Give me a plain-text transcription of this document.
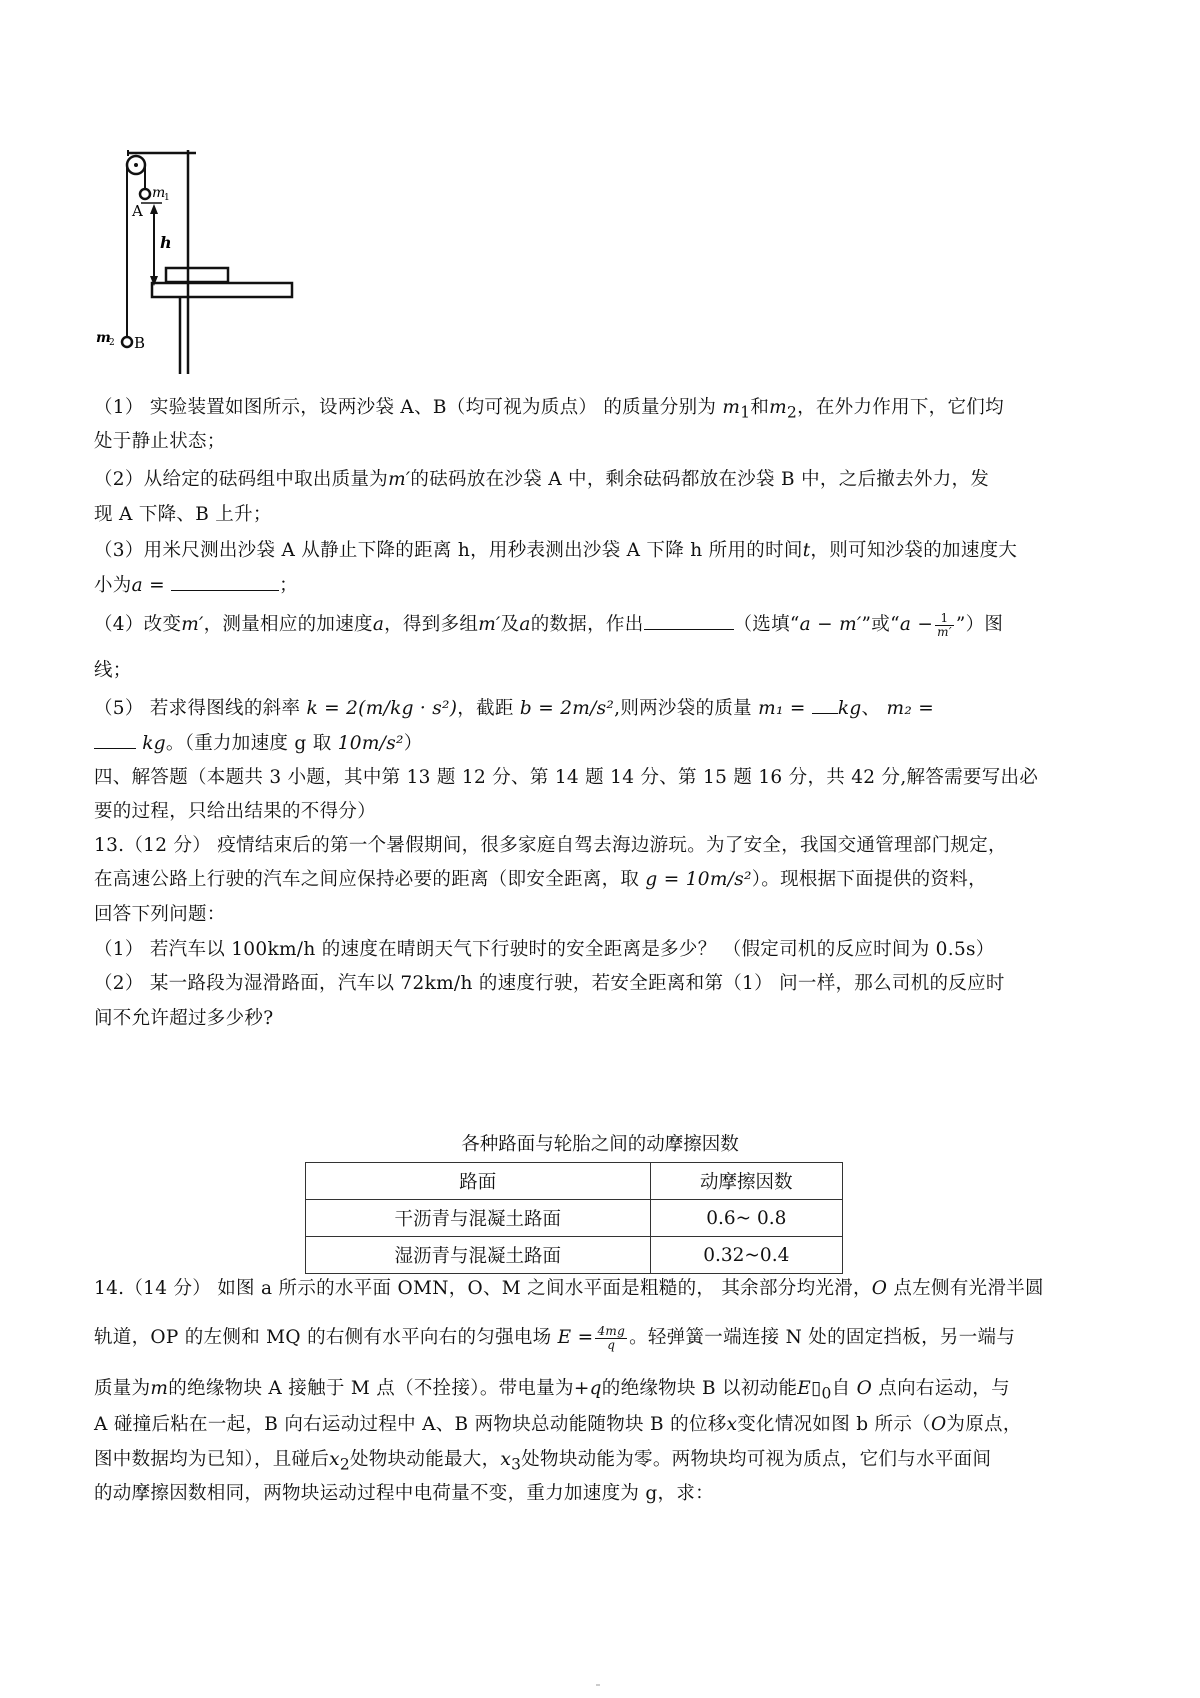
m
1
A
h
m
2 B
（1） 实验装置如图所示，设两沙袋 A、B（均可视为质点） 的质量分别为 $m_1$和$m_2$，在外力作用下，它们均
处于静止状态；
（2）从给定的砝码组中取出质量为m′的砝码放在沙袋 A 中，剩余砝码都放在沙袋 B 中，之后撤去外力，发
现 A 下降、B 上升；
（3）用米尺测出沙袋 A 从静止下降的距离 h，用秒表测出沙袋 A 下降 h 所用的时间t，则可知沙袋的加速度大
小为a =	；
（4）改变m′，测量相应的加速度a，得到多组m′及a的数据，作出	（选填“a − m′”或“$a - \frac{1}{m'}$ ”）图
线；
（5） 若求得图线的斜率 k = 2(m/kg · s²)，截距 b = 2m/s²,则两沙袋的质量 m₁ = kg、 m₂ =
kg。（重力加速度 g 取 10m/s²）
四、解答题（本题共 3 小题，其中第 13 题 12 分、第 14 题 14 分、第 15 题 16 分，共 42 分,解答需要写出必
要的过程，只给出结果的不得分）
13.（12 分） 疫情结束后的第一个暑假期间，很多家庭自驾去海边游玩。为了安全，我国交通管理部门规定，
在高速公路上行驶的汽车之间应保持必要的距离（即安全距离，取 g = 10m/s²）。现根据下面提供的资料，
回答下列问题：
（1） 若汽车以 100km/h 的速度在晴朗天气下行驶时的安全距离是多少？ （假定司机的反应时间为 0.5s）
（2） 某一路段为湿滑路面，汽车以 72km/h 的速度行驶，若安全距离和第（1） 问一样，那么司机的反应时
间不允许超过多少秒?
各种路面与轮胎之间的动摩擦因数
路面	动摩擦因数
干沥青与混凝土路面	0.6~ 0.8
湿沥青与混凝土路面	0.32~0.4
14.（14 分） 如图 a 所示的水平面 OMN，O、M 之间水平面是粗糙的， 其余部分均光滑，O 点左侧有光滑半圆
轨道，OP 的左侧和 MQ 的右侧有水平向右的匀强电场 $E = \frac{4mg}{q}$ 。轻弹簧一端连接 N 处的固定挡板，另一端与
质量为m的绝缘物块 A 接触于 M 点（不拴接）。带电量为+q的绝缘物块 B 以初动能$E▯_0$自 O 点向右运动，与
A 碰撞后粘在一起，B 向右运动过程中 A、B 两物块总动能随物块 B 的位移x变化情况如图 b 所示（O为原点，
图中数据均为已知），且碰后$x_2$处物块动能最大，$x_3$处物块动能为零。两物块均可视为质点，它们与水平面间
的动摩擦因数相同，两物块运动过程中电荷量不变，重力加速度为 g，求：
